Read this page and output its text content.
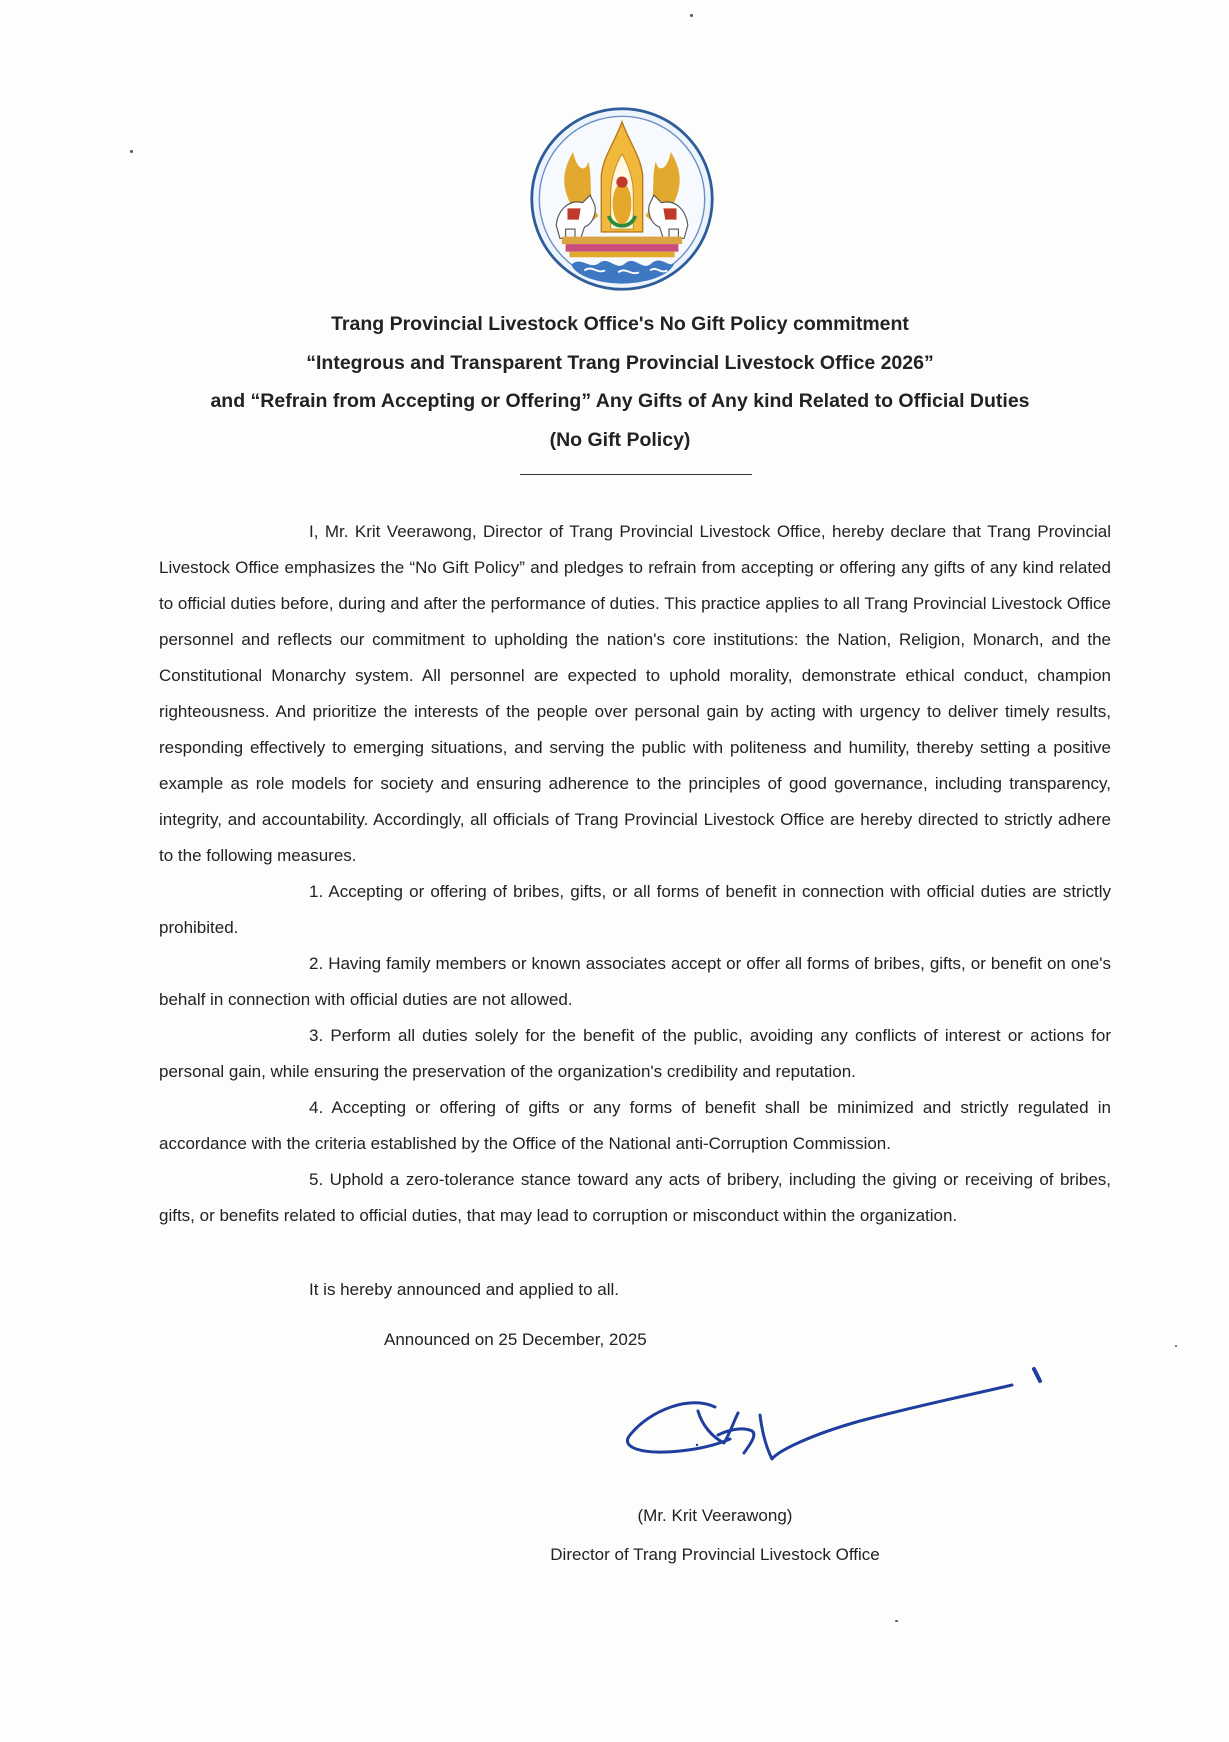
Trang Provincial Livestock Office's No Gift Policy commitment
“Integrous and Transparent Trang Provincial Livestock Office 2026”
and “Refrain from Accepting or Offering” Any Gifts of Any kind Related to Official Duties
(No Gift Policy)

I, Mr. Krit Veerawong, Director of Trang Provincial Livestock Office, hereby declare that Trang Provincial Livestock Office emphasizes the “No Gift Policy” and pledges to refrain from accepting or offering any gifts of any kind related to official duties before, during and after the performance of duties. This practice applies to all Trang Provincial Livestock Office personnel and reflects our commitment to upholding the nation's core institutions: the Nation, Religion, Monarch, and the Constitutional Monarchy system. All personnel are expected to uphold morality, demonstrate ethical conduct, champion righteousness. And prioritize the interests of the people over personal gain by acting with urgency to deliver timely results, responding effectively to emerging situations, and serving the public with politeness and humility, thereby setting a positive example as role models for society and ensuring adherence to the principles of good governance, including transparency, integrity, and accountability. Accordingly, all officials of Trang Provincial Livestock Office are hereby directed to strictly adhere to the following measures.

1. Accepting or offering of bribes, gifts, or all forms of benefit in connection with official duties are strictly prohibited.

2. Having family members or known associates accept or offer all forms of bribes, gifts, or benefit on one's behalf in connection with official duties are not allowed.

3. Perform all duties solely for the benefit of the public, avoiding any conflicts of interest or actions for personal gain, while ensuring the preservation of the organization's credibility and reputation.

4. Accepting or offering of gifts or any forms of benefit shall be minimized and strictly regulated in accordance with the criteria established by the Office of the National anti-Corruption Commission.

5. Uphold a zero-tolerance stance toward any acts of bribery, including the giving or receiving of bribes, gifts, or benefits related to official duties, that may lead to corruption or misconduct within the organization.

It is hereby announced and applied to all.
Announced on 25 December, 2025
(Mr. Krit Veerawong)
Director of Trang Provincial Livestock Office
